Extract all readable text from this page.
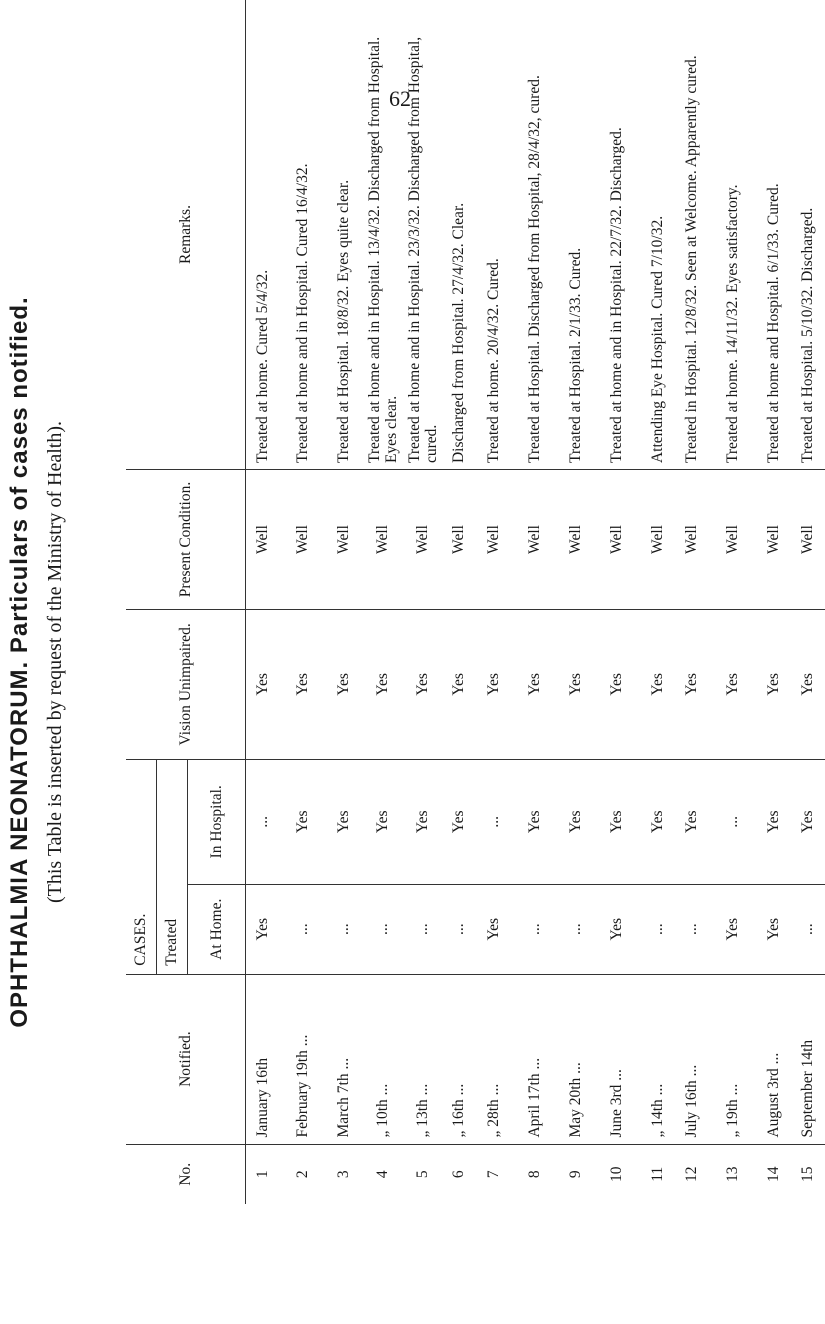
62
OPHTHALMIA NEONATORUM. Particulars of cases notified. (This Table is inserted by request of the Ministry of Health).
No.	Notified.	CASES.		Vision Unimpaired.	Present Condition.	Remarks.
		Treated				
		At Home.	In Hospital.			

1	January 16th	Yes	...	Yes	Well	Treated at home. Cured 5/4/32.
2	February 19th ...	...	Yes	Yes	Well	Treated at home and in Hospital. Cured 16/4/32.
3	March 7th ...	...	Yes	Yes	Well	Treated at Hospital. 18/8/32. Eyes quite clear.
4	„ 10th ...	...	Yes	Yes	Well	Treated at home and in Hospital. 13/4/32. Discharged from Hospital. Eyes clear.
5	„ 13th ...	...	Yes	Yes	Well	Treated at home and in Hospital. 23/3/32. Discharged from Hospital, cured.
6	„ 16th ...	...	Yes	Yes	Well	Discharged from Hospital. 27/4/32. Clear.
7	„ 28th ...	Yes	...	Yes	Well	Treated at home. 20/4/32. Cured.
8	April 17th ...	...	Yes	Yes	Well	Treated at Hospital. Discharged from Hospital, 28/4/32, cured.
9	May 20th ...	...	Yes	Yes	Well	Treated at Hospital. 2/1/33. Cured.
10	June 3rd ...	Yes	Yes	Yes	Well	Treated at home and in Hospital. 22/7/32. Discharged.
11	„ 14th ...	...	Yes	Yes	Well	Attending Eye Hospital. Cured 7/10/32.
12	July 16th ...	...	Yes	Yes	Well	Treated in Hospital. 12/8/32. Seen at Welcome. Apparently cured.
13	„ 19th ...	Yes	...	Yes	Well	Treated at home. 14/11/32. Eyes satisfactory.
14	August 3rd ...	Yes	Yes	Yes	Well	Treated at home and Hospital. 6/1/33. Cured.
15	September 14th	...	Yes	Yes	Well	Treated at Hospital. 5/10/32. Discharged.
